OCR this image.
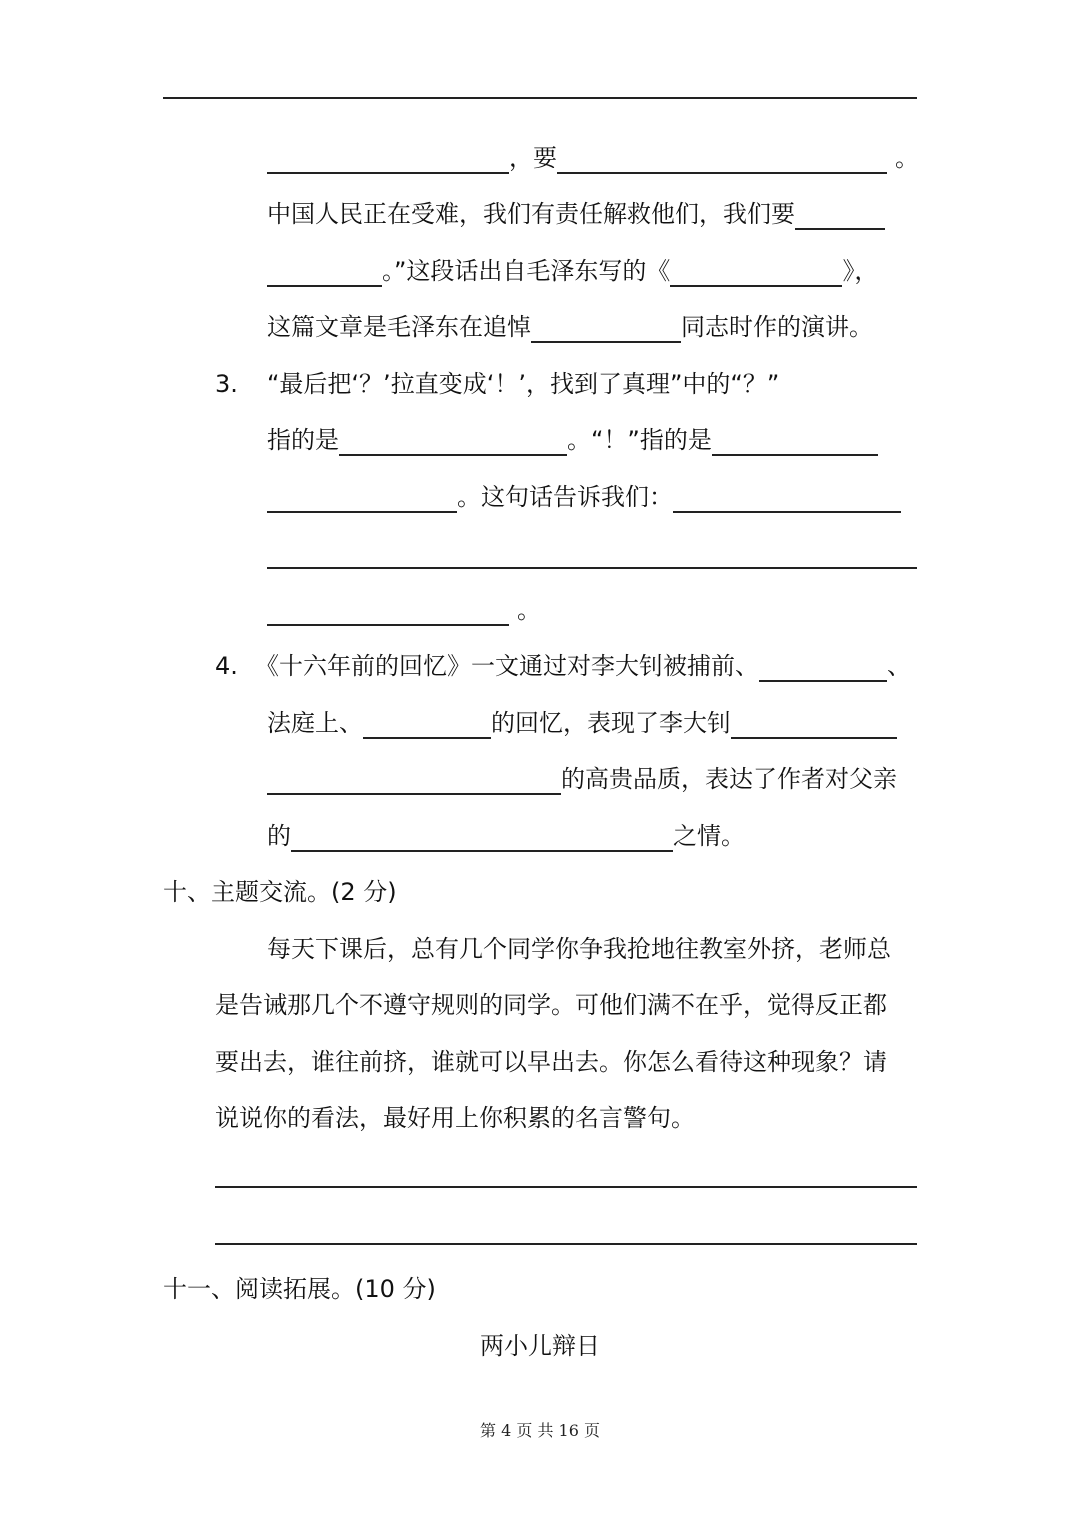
，要	。
中国人民正在受难，我们有责任解救他们，我们要
。”这段话出自毛泽东写的《	》，
这篇文章是毛泽东在追悼	同志时作的演讲。
3.	“最后把‘？’拉直变成‘！’，找到了真理”中的“？”
指的是	。“！”指的是
。这句话告诉我们：
。
4. 《十六年前的回忆》一文通过对李大钊被捕前、	、
法庭上、	的回忆，表现了李大钊
的高贵品质，表达了作者对父亲
的	之情。
十、主题交流。(2 分)
每天下课后，总有几个同学你争我抢地往教室外挤，老师总
是告诫那几个不遵守规则的同学。可他们满不在乎，觉得反正都
要出去，谁往前挤，谁就可以早出去。你怎么看待这种现象？请
说说你的看法，最好用上你积累的名言警句。
十一、阅读拓展。(10 分)
两小儿辩日
第 4 页 共 16 页
